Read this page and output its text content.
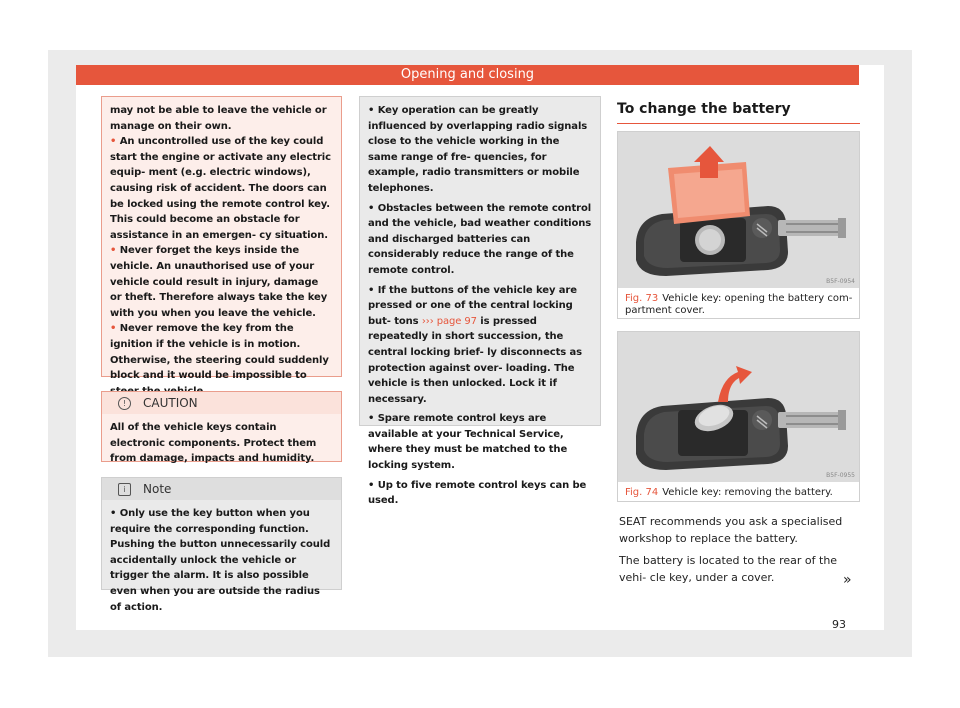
Opening and closing

may not be able to leave the vehicle or manage on their own.

• An uncontrolled use of the key could start the engine or activate any electric equip- ment (e.g. electric windows), causing risk of accident. The doors can be locked using the remote control key. This could become an obstacle for assistance in an emergen- cy situation.

• Never forget the keys inside the vehicle. An unauthorised use of your vehicle could result in injury, damage or theft. Therefore always take the key with you when you leave the vehicle.

• Never remove the key from the ignition if the vehicle is in motion. Otherwise, the steering could suddenly block and it would be impossible to

!	CAUTION
All of the vehicle keys contain electronic components. Protect them from damage, impacts and humidity.
i	Note
• Only use the key button when you require the corresponding function. Pushing the button unnecessarily could accidentally unlock the vehicle or trigger the alarm. It is also possible even when you are outside the radius of action.

• Key operation can be greatly influenced by overlapping radio signals close to the vehicle working in the same range of fre- quencies, for example, radio transmitters or mobile telephones.

• Obstacles between the remote control and the vehicle, bad weather conditions and discharged batteries can considerably reduce the range of the remote control.

• If the buttons of the vehicle key are pressed or one of the central locking but- tons ››› page 97 is pressed repeatedly in short succession, the central locking brief- ly disconnects as protection against over- loading. The vehicle is then unlocked. Lock it if necessary.

• Spare remote control keys are available at your Technical Service, where they must be matched to the locking system.

• Up to five remote control keys can be used.

To change the battery
B5F-0954
Fig. 73 Vehicle key: opening the battery com- partment cover.
B5F-0955
Fig. 74 Vehicle key: removing the battery.

SEAT recommends you ask a specialised workshop to replace the battery.

The battery is located to the rear of the vehi- cle key, under a cover.	»
93
